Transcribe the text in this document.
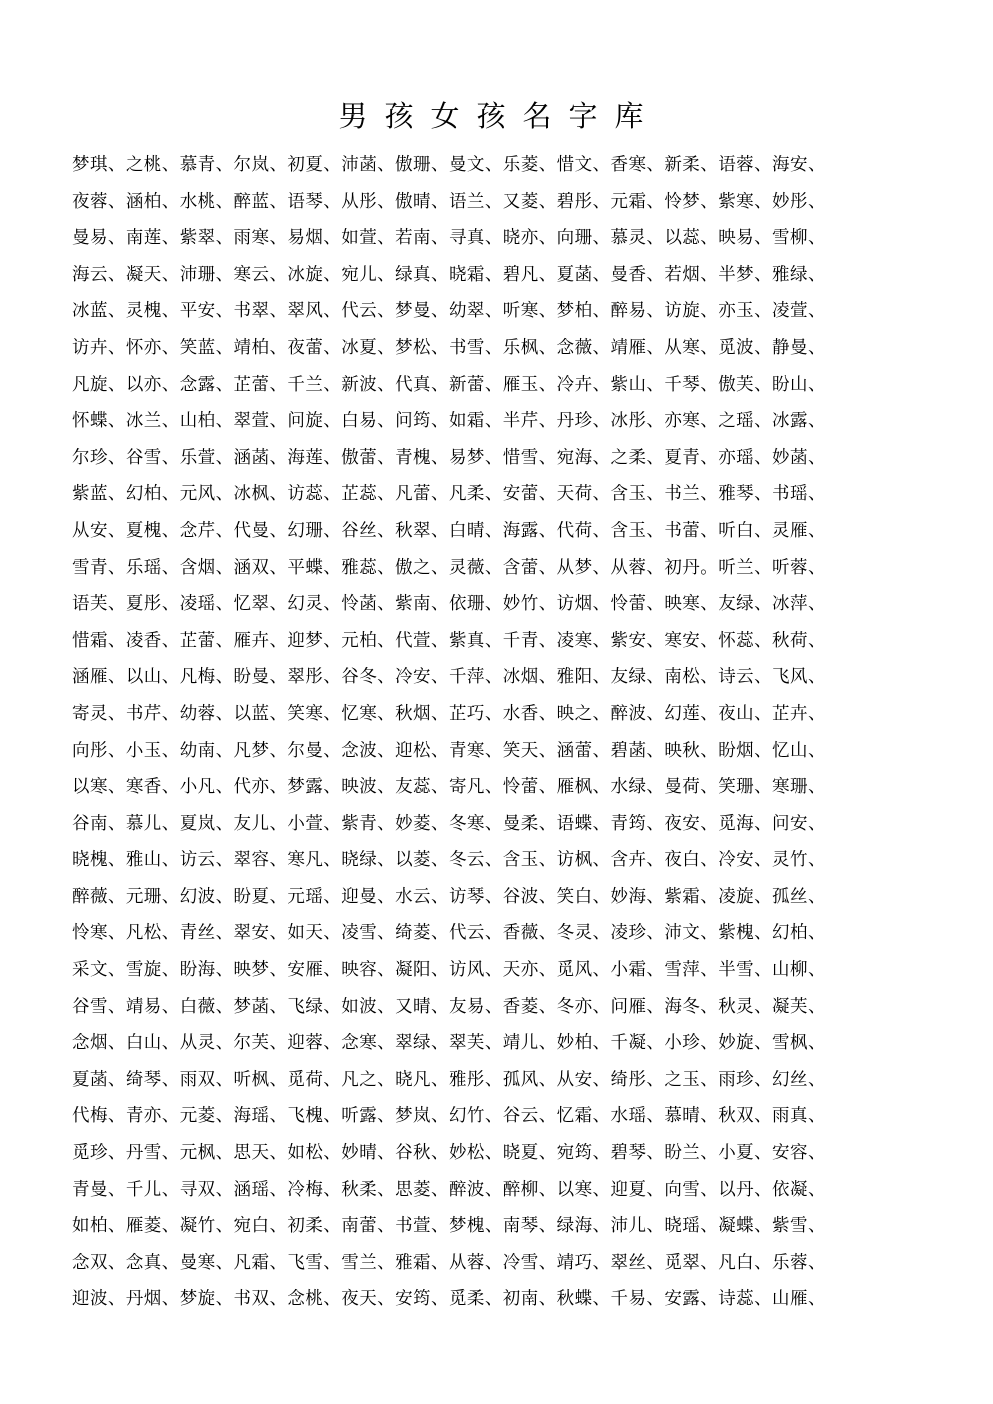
男孩女孩名字库
梦琪、之桃、慕青、尔岚、初夏、沛菡、傲珊、曼文、乐菱、惜文、香寒、新柔、语蓉、海安、
夜蓉、涵柏、水桃、醉蓝、语琴、从彤、傲晴、语兰、又菱、碧彤、元霜、怜梦、紫寒、妙彤、
曼易、南莲、紫翠、雨寒、易烟、如萱、若南、寻真、晓亦、向珊、慕灵、以蕊、映易、雪柳、
海云、凝天、沛珊、寒云、冰旋、宛儿、绿真、晓霜、碧凡、夏菡、曼香、若烟、半梦、雅绿、
冰蓝、灵槐、平安、书翠、翠风、代云、梦曼、幼翠、听寒、梦柏、醉易、访旋、亦玉、凌萱、
访卉、怀亦、笑蓝、靖柏、夜蕾、冰夏、梦松、书雪、乐枫、念薇、靖雁、从寒、觅波、静曼、
凡旋、以亦、念露、芷蕾、千兰、新波、代真、新蕾、雁玉、冷卉、紫山、千琴、傲芙、盼山、
怀蝶、冰兰、山柏、翠萱、问旋、白易、问筠、如霜、半芹、丹珍、冰彤、亦寒、之瑶、冰露、
尔珍、谷雪、乐萱、涵菡、海莲、傲蕾、青槐、易梦、惜雪、宛海、之柔、夏青、亦瑶、妙菡、
紫蓝、幻柏、元风、冰枫、访蕊、芷蕊、凡蕾、凡柔、安蕾、天荷、含玉、书兰、雅琴、书瑶、
从安、夏槐、念芹、代曼、幻珊、谷丝、秋翠、白晴、海露、代荷、含玉、书蕾、听白、灵雁、
雪青、乐瑶、含烟、涵双、平蝶、雅蕊、傲之、灵薇、含蕾、从梦、从蓉、初丹。听兰、听蓉、
语芙、夏彤、凌瑶、忆翠、幻灵、怜菡、紫南、依珊、妙竹、访烟、怜蕾、映寒、友绿、冰萍、
惜霜、凌香、芷蕾、雁卉、迎梦、元柏、代萱、紫真、千青、凌寒、紫安、寒安、怀蕊、秋荷、
涵雁、以山、凡梅、盼曼、翠彤、谷冬、冷安、千萍、冰烟、雅阳、友绿、南松、诗云、飞风、
寄灵、书芹、幼蓉、以蓝、笑寒、忆寒、秋烟、芷巧、水香、映之、醉波、幻莲、夜山、芷卉、
向彤、小玉、幼南、凡梦、尔曼、念波、迎松、青寒、笑天、涵蕾、碧菡、映秋、盼烟、忆山、
以寒、寒香、小凡、代亦、梦露、映波、友蕊、寄凡、怜蕾、雁枫、水绿、曼荷、笑珊、寒珊、
谷南、慕儿、夏岚、友儿、小萱、紫青、妙菱、冬寒、曼柔、语蝶、青筠、夜安、觅海、问安、
晓槐、雅山、访云、翠容、寒凡、晓绿、以菱、冬云、含玉、访枫、含卉、夜白、冷安、灵竹、
醉薇、元珊、幻波、盼夏、元瑶、迎曼、水云、访琴、谷波、笑白、妙海、紫霜、凌旋、孤丝、
怜寒、凡松、青丝、翠安、如天、凌雪、绮菱、代云、香薇、冬灵、凌珍、沛文、紫槐、幻柏、
采文、雪旋、盼海、映梦、安雁、映容、凝阳、访风、天亦、觅风、小霜、雪萍、半雪、山柳、
谷雪、靖易、白薇、梦菡、飞绿、如波、又晴、友易、香菱、冬亦、问雁、海冬、秋灵、凝芙、
念烟、白山、从灵、尔芙、迎蓉、念寒、翠绿、翠芙、靖儿、妙柏、千凝、小珍、妙旋、雪枫、
夏菡、绮琴、雨双、听枫、觅荷、凡之、晓凡、雅彤、孤风、从安、绮彤、之玉、雨珍、幻丝、
代梅、青亦、元菱、海瑶、飞槐、听露、梦岚、幻竹、谷云、忆霜、水瑶、慕晴、秋双、雨真、
觅珍、丹雪、元枫、思天、如松、妙晴、谷秋、妙松、晓夏、宛筠、碧琴、盼兰、小夏、安容、
青曼、千儿、寻双、涵瑶、冷梅、秋柔、思菱、醉波、醉柳、以寒、迎夏、向雪、以丹、依凝、
如柏、雁菱、凝竹、宛白、初柔、南蕾、书萱、梦槐、南琴、绿海、沛儿、晓瑶、凝蝶、紫雪、
念双、念真、曼寒、凡霜、飞雪、雪兰、雅霜、从蓉、冷雪、靖巧、翠丝、觅翠、凡白、乐蓉、
迎波、丹烟、梦旋、书双、念桃、夜天、安筠、觅柔、初南、秋蝶、千易、安露、诗蕊、山雁、
